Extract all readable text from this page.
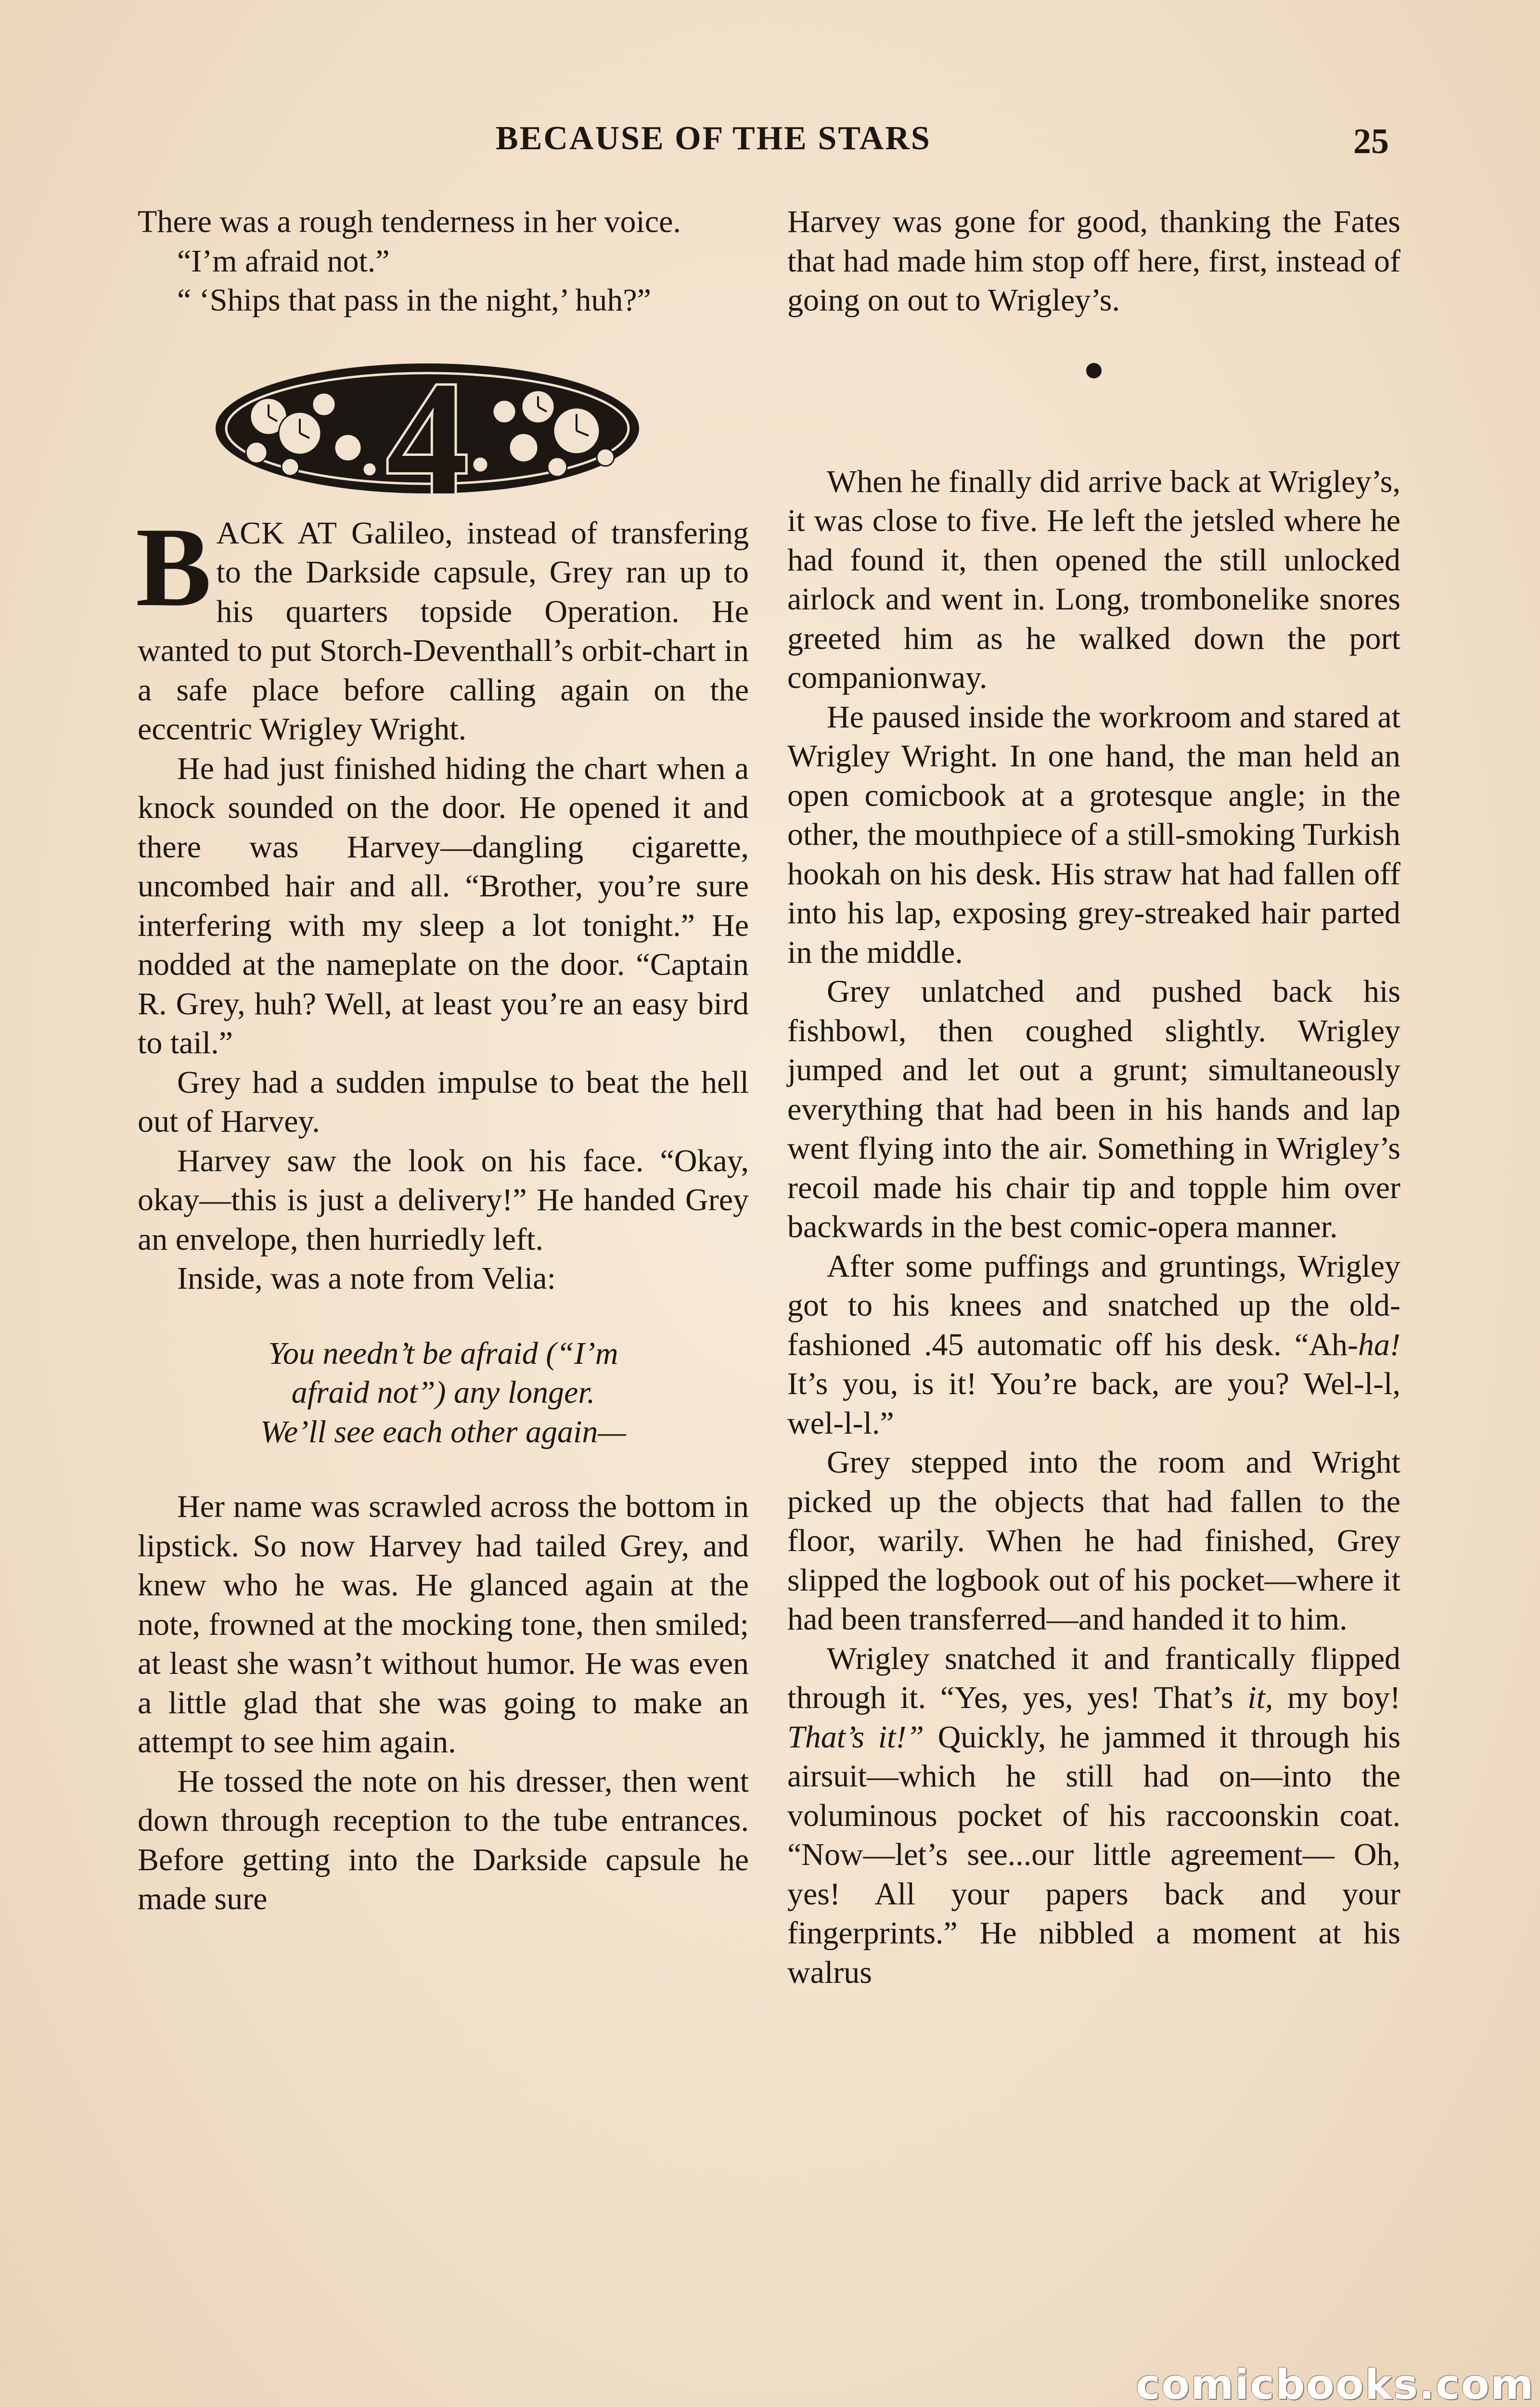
BECAUSE OF THE STARS	25

There was a rough tenderness in her voice.

“I’m afraid not.”

“ ‘Ships that pass in the night,’ huh?”

4

BACK AT Galileo, instead of transfering to the Darkside capsule, Grey ran up to his quarters topside Operation. He wanted to put Storch-Deventhall’s orbit-chart in a safe place before calling again on the eccentric Wrigley Wright.

He had just finished hiding the chart when a knock sounded on the door. He opened it and there was Harvey—dangling cigarette, uncombed hair and all. “Brother, you’re sure interfering with my sleep a lot tonight.” He nodded at the nameplate on the door. “Captain R. Grey, huh? Well, at least you’re an easy bird to tail.”

Grey had a sudden impulse to beat the hell out of Harvey.

Harvey saw the look on his face. “Okay, okay—this is just a delivery!” He handed Grey an envelope, then hurriedly left.

Inside, was a note from Velia:

You needn’t be afraid (“I’m

afraid not”) any longer.

We’ll see each other again—

Her name was scrawled across the bottom in lipstick. So now Harvey had tailed Grey, and knew who he was. He glanced again at the note, frowned at the mocking tone, then smiled; at least she wasn’t without humor. He was even a little glad that she was going to make an attempt to see him again.

He tossed the note on his dresser, then went down through reception to the tube entrances. Before getting into the Darkside capsule he made sure

Harvey was gone for good, thanking the Fates that had made him stop off here, first, instead of going on out to Wrigley’s.

When he finally did arrive back at Wrigley’s, it was close to five. He left the jetsled where he had found it, then opened the still unlocked airlock and went in. Long, trombonelike snores greeted him as he walked down the port companionway.

He paused inside the workroom and stared at Wrigley Wright. In one hand, the man held an open comicbook at a grotesque angle; in the other, the mouthpiece of a still-smoking Turkish hookah on his desk. His straw hat had fallen off into his lap, exposing grey-streaked hair parted in the middle.

Grey unlatched and pushed back his fishbowl, then coughed slightly. Wrigley jumped and let out a grunt; simultaneously everything that had been in his hands and lap went flying into the air. Something in Wrigley’s recoil made his chair tip and topple him over backwards in the best comic-opera manner.

After some puffings and gruntings, Wrigley got to his knees and snatched up the old-fashioned .45 automatic off his desk. “Ah-ha! It’s you, is it! You’re back, are you? Wel-l-l, wel-l-l.”

Grey stepped into the room and Wright picked up the objects that had fallen to the floor, warily. When he had finished, Grey slipped the logbook out of his pocket—where it had been transferred—and handed it to him.

Wrigley snatched it and frantically flipped through it. “Yes, yes, yes! That’s it, my boy! That’s it!” Quickly, he jammed it through his airsuit—which he still had on—into the voluminous pocket of his raccoonskin coat. “Now—let’s see...our little agreement— Oh, yes! All your papers back and your fingerprints.” He nibbled a moment at his walrus

comicbooks.com
